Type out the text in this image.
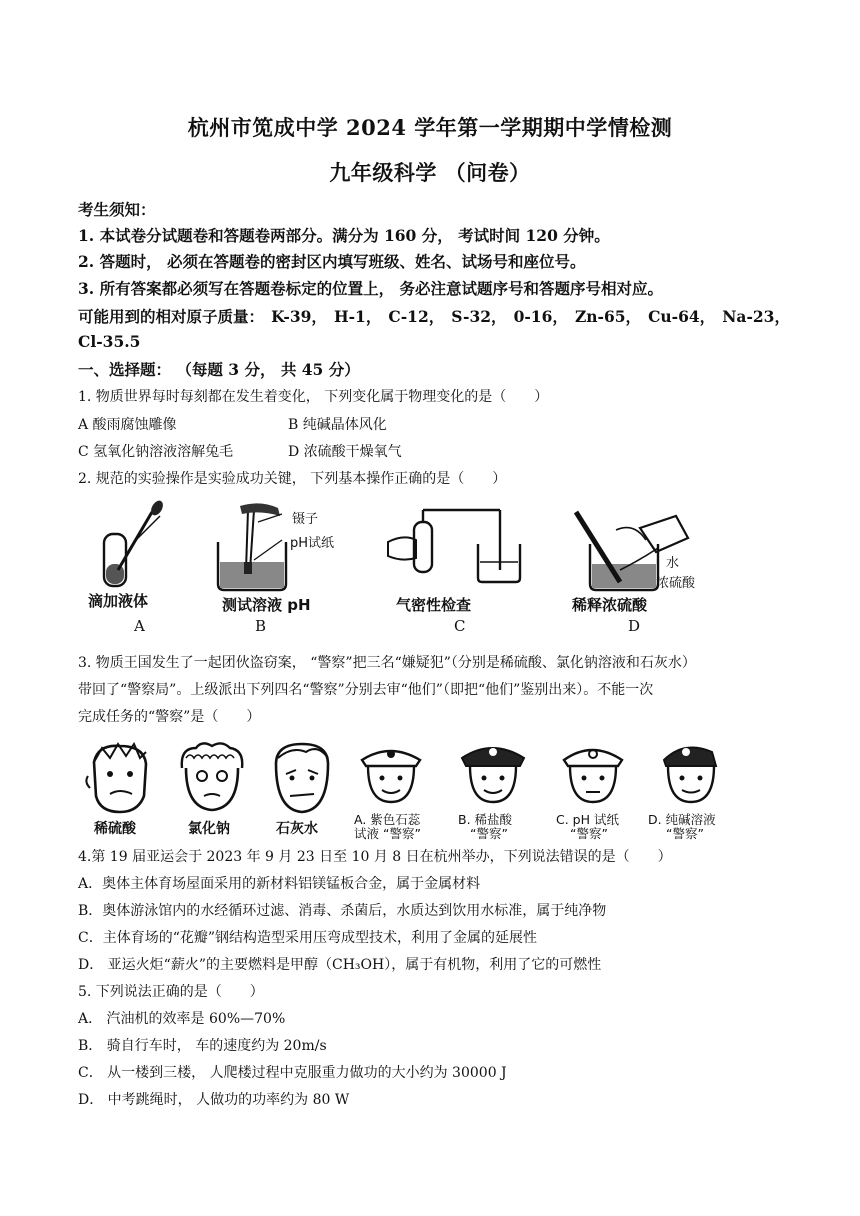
杭州市笕成中学 2024 学年第一学期期中学情检测
九年级科学 （问卷）
考生须知：
1. 本试卷分试题卷和答题卷两部分。满分为 160 分， 考试时间 120 分钟。
2. 答题时， 必须在答题卷的密封区内填写班级、姓名、试场号和座位号。
3. 所有答案都必须写在答题卷标定的位置上， 务必注意试题序号和答题序号相对应。
可能用到的相对原子质量： K-39， H-1， C-12， S-32， 0-16， Zn-65， Cu-64， Na-23，
Cl-35.5
一、选择题： （每题 3 分， 共 45 分）
1. 物质世界每时每刻都在发生着变化， 下列变化属于物理变化的是（　　）
A 酸雨腐蚀雕像	B 纯碱晶体风化
C 氢氧化钠溶液溶解兔毛	D 浓硫酸干燥氧气
2. 规范的实验操作是实验成功关键， 下列基本操作正确的是（　　）
滴加液体
A
镊子
pH试纸
测试溶液 pH
B
气密性检查
C
水
浓硫酸
稀释浓硫酸
D
3. 物质王国发生了一起团伙盗窃案， “警察”把三名“嫌疑犯”（分别是稀硫酸、氯化钠溶液和石灰水）
带回了“警察局”。上级派出下列四名“警察”分别去审“他们”（即把“他们”鉴别出来）。不能一次
完成任务的“警察”是（　　）
稀硫酸	氯化钠	石灰水
A. 紫色石蕊
试液 “警察”
B. 稀盐酸
“警察”
C. pH 试纸
“警察”
D. 纯碱溶液
“警察”
4.第 19 届亚运会于 2023 年 9 月 23 日至 10 月 8 日在杭州举办，下列说法错误的是（　　）
A．奥体主体育场屋面采用的新材料铝镁锰板合金，属于金属材料
B．奥体游泳馆内的水经循环过滤、消毒、杀菌后，水质达到饮用水标准，属于纯净物
C．主体育场的“花瓣”钢结构造型采用压弯成型技术，利用了金属的延展性
D． 亚运火炬“薪火”的主要燃料是甲醇（CH₃OH），属于有机物，利用了它的可燃性
5. 下列说法正确的是（　　）
A． 汽油机的效率是 60%—70%
B． 骑自行车时， 车的速度约为 20m/s
C． 从一楼到三楼， 人爬楼过程中克服重力做功的大小约为 30000 J
D． 中考跳绳时， 人做功的功率约为 80 W
